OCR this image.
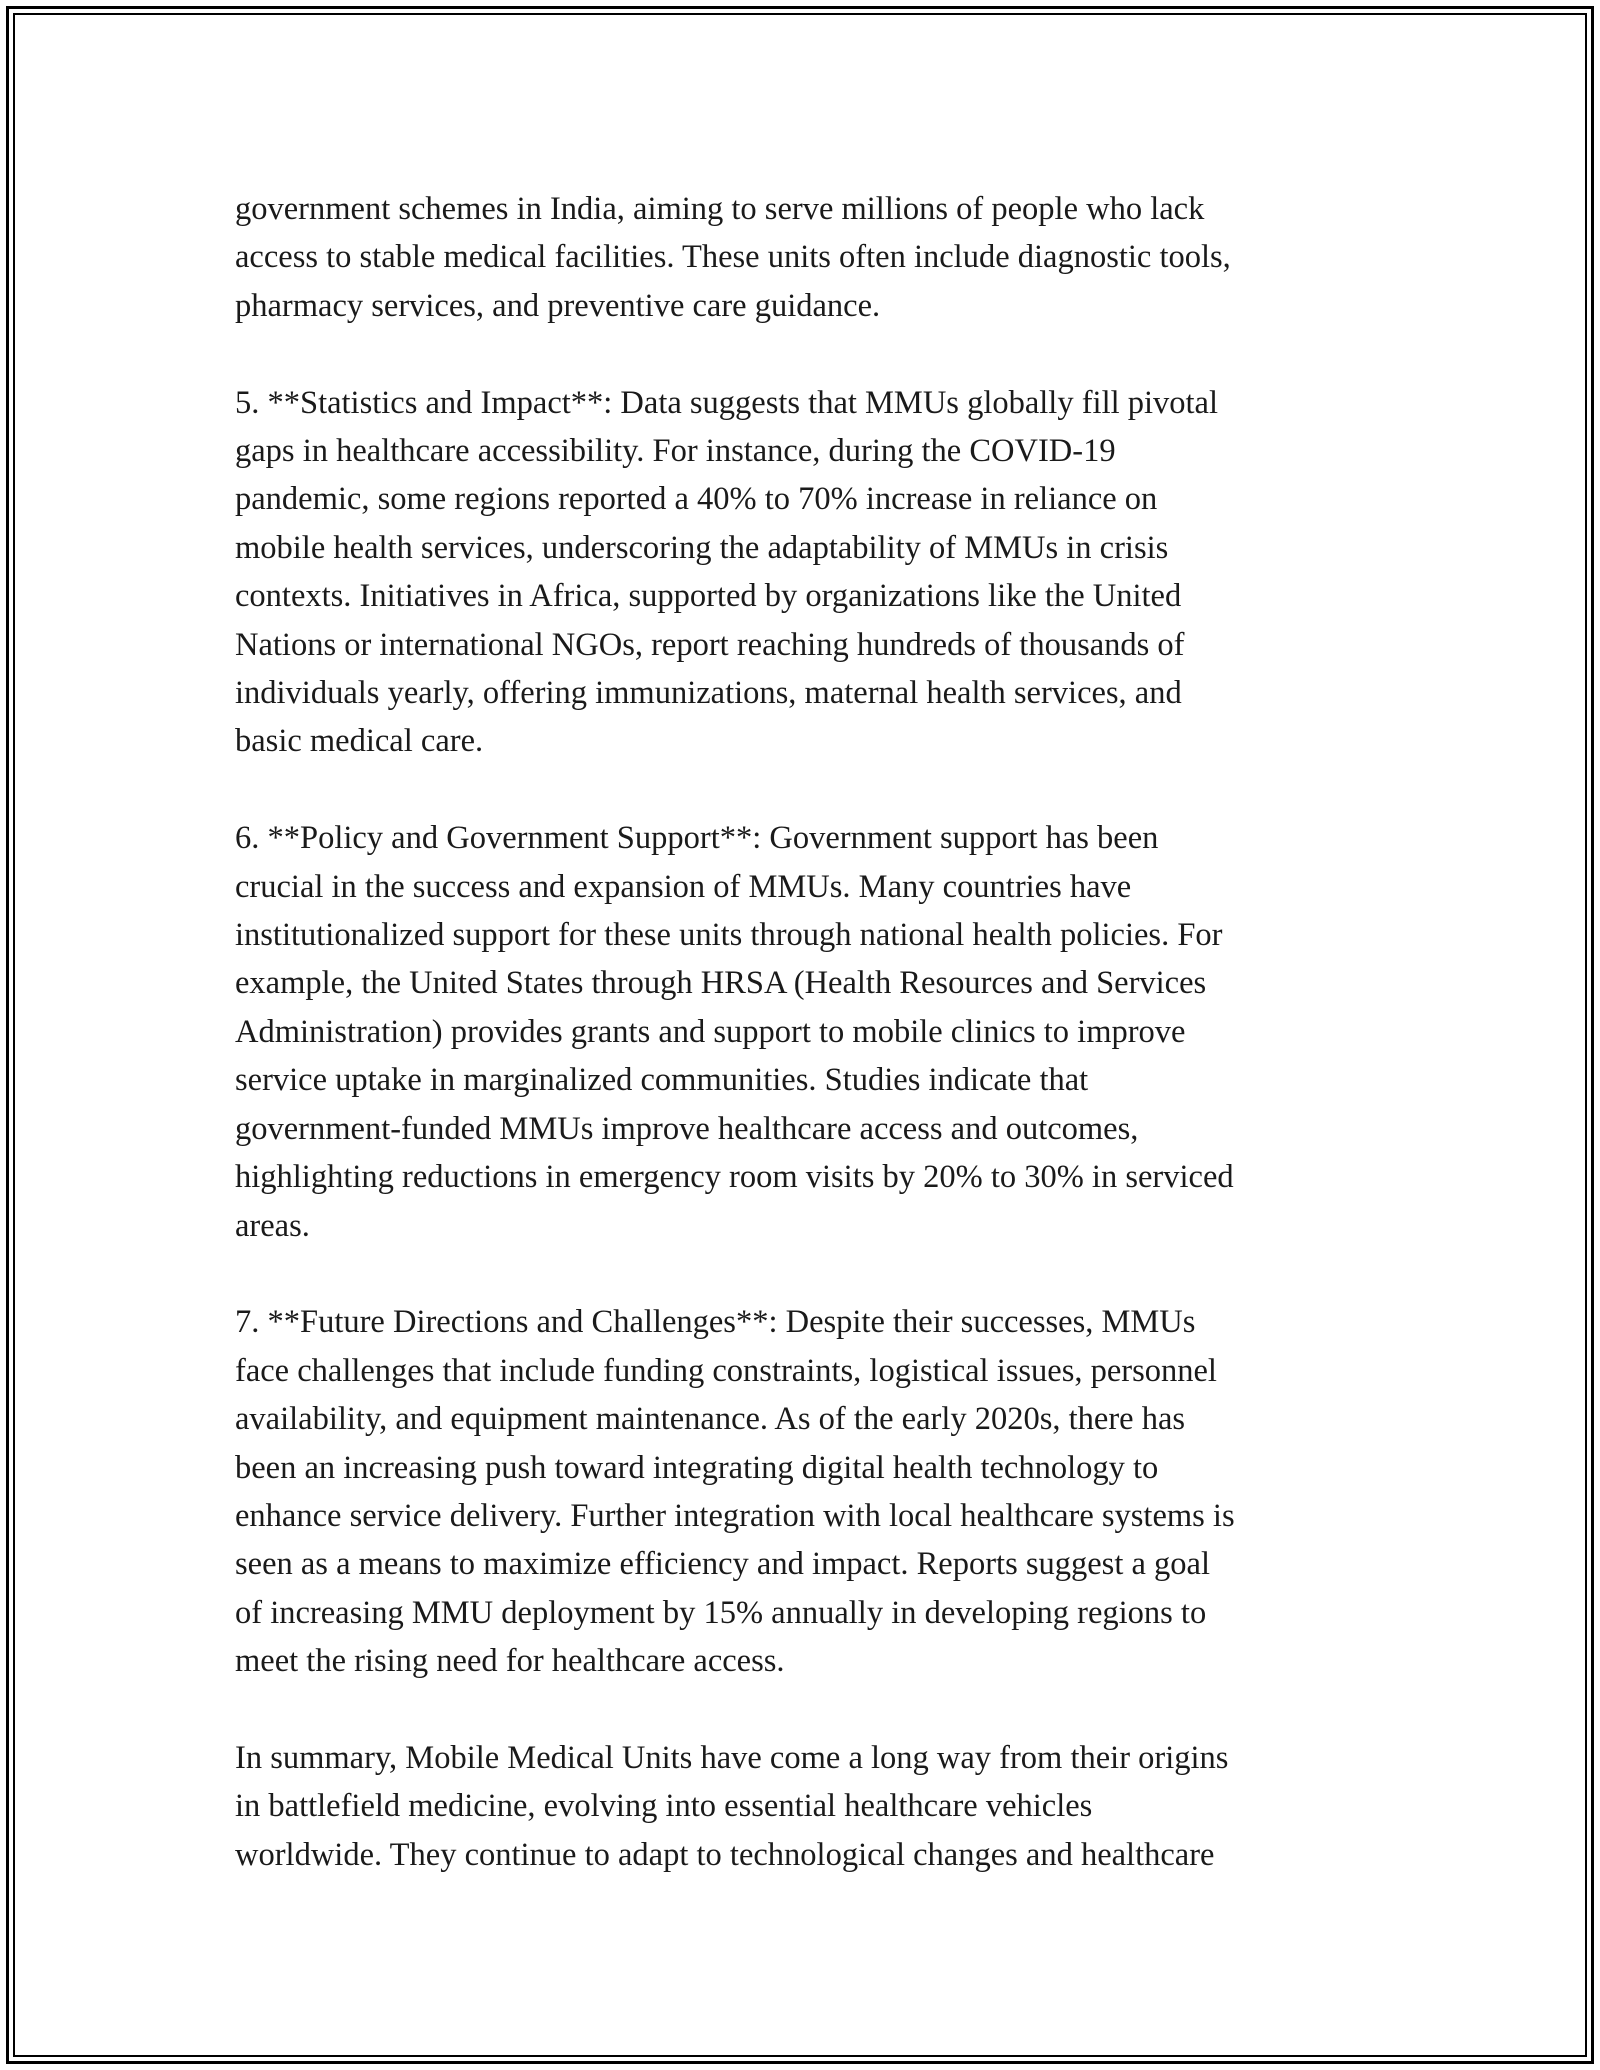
government schemes in India, aiming to serve millions of people who lack
access to stable medical facilities. These units often include diagnostic tools,
pharmacy services, and preventive care guidance.

5. **Statistics and Impact**: Data suggests that MMUs globally fill pivotal
gaps in healthcare accessibility. For instance, during the COVID-19
pandemic, some regions reported a 40% to 70% increase in reliance on
mobile health services, underscoring the adaptability of MMUs in crisis
contexts. Initiatives in Africa, supported by organizations like the United
Nations or international NGOs, report reaching hundreds of thousands of
individuals yearly, offering immunizations, maternal health services, and
basic medical care.

6. **Policy and Government Support**: Government support has been
crucial in the success and expansion of MMUs. Many countries have
institutionalized support for these units through national health policies. For
example, the United States through HRSA (Health Resources and Services
Administration) provides grants and support to mobile clinics to improve
service uptake in marginalized communities. Studies indicate that
government-funded MMUs improve healthcare access and outcomes,
highlighting reductions in emergency room visits by 20% to 30% in serviced
areas.

7. **Future Directions and Challenges**: Despite their successes, MMUs
face challenges that include funding constraints, logistical issues, personnel
availability, and equipment maintenance. As of the early 2020s, there has
been an increasing push toward integrating digital health technology to
enhance service delivery. Further integration with local healthcare systems is
seen as a means to maximize efficiency and impact. Reports suggest a goal
of increasing MMU deployment by 15% annually in developing regions to
meet the rising need for healthcare access.

In summary, Mobile Medical Units have come a long way from their origins
in battlefield medicine, evolving into essential healthcare vehicles
worldwide. They continue to adapt to technological changes and healthcare
